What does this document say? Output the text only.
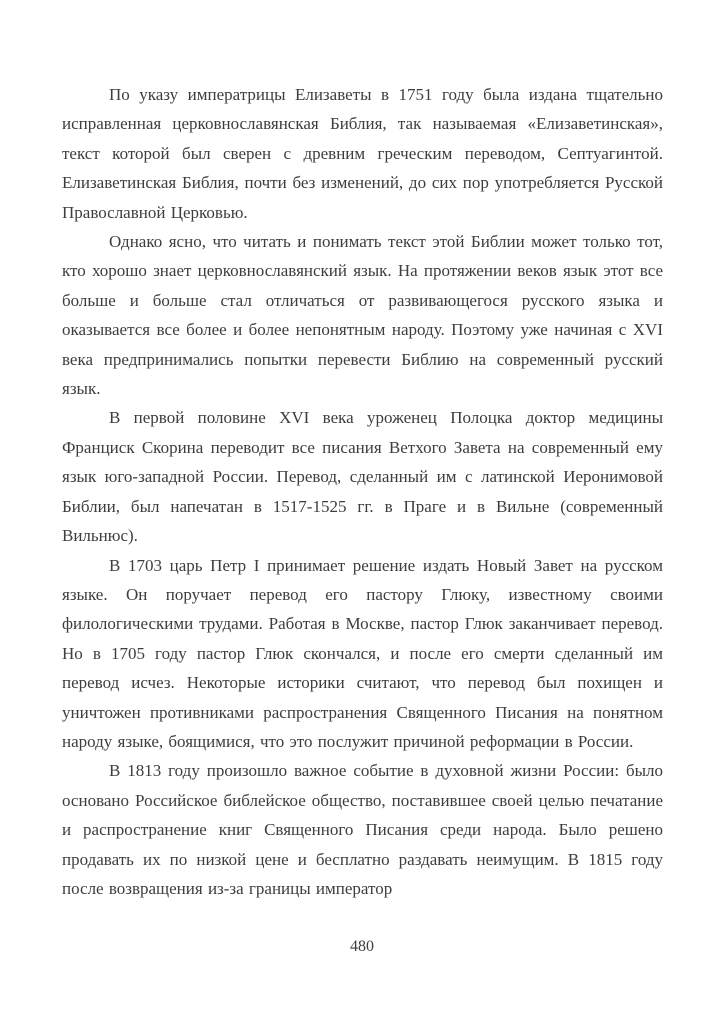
По указу императрицы Елизаветы в 1751 году была издана тщательно исправленная церковнославянская Библия, так называемая «Елизаветинская», текст которой был сверен с древним греческим переводом, Септуагинтой. Елизаветинская Библия, почти без изменений, до сих пор употребляется Русской Православной Церковью.

Однако ясно, что читать и понимать текст этой Библии может только тот, кто хорошо знает церковнославянский язык. На протяжении веков язык этот все больше и больше стал отличаться от развивающегося русского языка и оказывается все более и более непонятным народу. Поэтому уже начиная с XVI века предпринимались попытки перевести Библию на современный русский язык.

В первой половине XVI века уроженец Полоцка доктор медицины Франциск Скорина переводит все писания Ветхого Завета на современный ему язык юго-западной России. Перевод, сделанный им с латинской Иеронимовой Библии, был напечатан в 1517-1525 гг. в Праге и в Вильне (современный Вильнюс).

В 1703 царь Петр I принимает решение издать Новый Завет на русском языке. Он поручает перевод его пастору Глюку, известному своими филологическими трудами. Работая в Москве, пастор Глюк заканчивает перевод. Но в 1705 году пастор Глюк скончался, и после его смерти сделанный им перевод исчез. Некоторые историки считают, что перевод был похищен и уничтожен противниками распространения Священного Писания на понятном народу языке, боящимися, что это послужит причиной реформации в России.

В 1813 году произошло важное событие в духовной жизни России: было основано Российское библейское общество, поставившее своей целью печатание и распространение книг Священного Писания среди народа. Было решено продавать их по низкой цене и бесплатно раздавать неимущим. В 1815 году после возвращения из-за границы император

480
